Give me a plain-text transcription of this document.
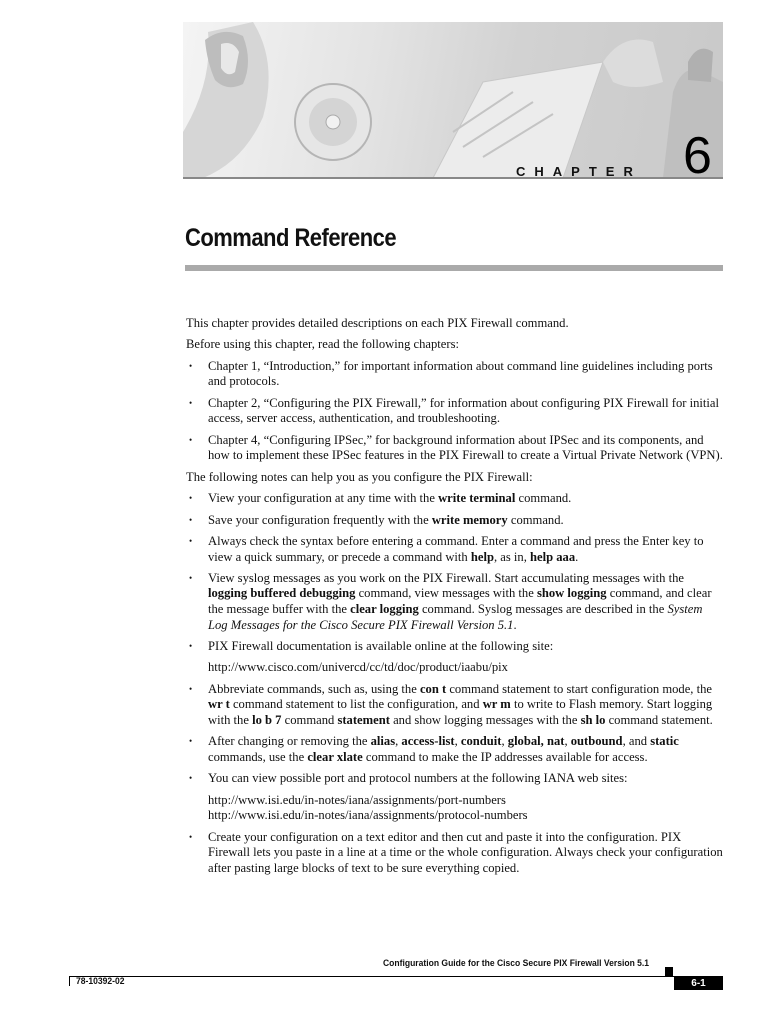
CHAPTER 6
Command Reference

This chapter provides detailed descriptions on each PIX Firewall command.

Before using this chapter, read the following chapters:

• Chapter 1, “Introduction,” for important information about command line guidelines including ports and protocols.
• Chapter 2, “Configuring the PIX Firewall,” for information about configuring PIX Firewall for initial access, server access, authentication, and troubleshooting.
• Chapter 4, “Configuring IPSec,” for background information about IPSec and its components, and how to implement these IPSec features in the PIX Firewall to create a Virtual Private Network (VPN).

The following notes can help you as you configure the PIX Firewall:

• View your configuration at any time with the write terminal command.
• Save your configuration frequently with the write memory command.
• Always check the syntax before entering a command. Enter a command and press the Enter key to view a quick summary, or precede a command with help, as in, help aaa.
• View syslog messages as you work on the PIX Firewall. Start accumulating messages with the logging buffered debugging command, view messages with the show logging command, and clear the message buffer with the clear logging command. Syslog messages are described in the System Log Messages for the Cisco Secure PIX Firewall Version 5.1.

• PIX Firewall documentation is available online at the following site:

http://www.cisco.com/univercd/cc/td/doc/product/iaabu/pix

• Abbreviate commands, such as, using the con t command statement to start configuration mode, the wr t command statement to list the configuration, and wr m to write to Flash memory. Start logging with the lo b 7 command statement and show logging messages with the sh lo command statement.
• After changing or removing the alias, access-list, conduit, global, nat, outbound, and static commands, use the clear xlate command to make the IP addresses available for access.

• You can view possible port and protocol numbers at the following IANA web sites:

http://www.isi.edu/in-notes/iana/assignments/port-numbers
http://www.isi.edu/in-notes/iana/assignments/protocol-numbers

• Create your configuration on a text editor and then cut and paste it into the configuration. PIX Firewall lets you paste in a line at a time or the whole configuration. Always check your configuration after pasting large blocks of text to be sure everything copied.
Configuration Guide for the Cisco Secure PIX Firewall Version 5.1
78-10392-02	6-1
